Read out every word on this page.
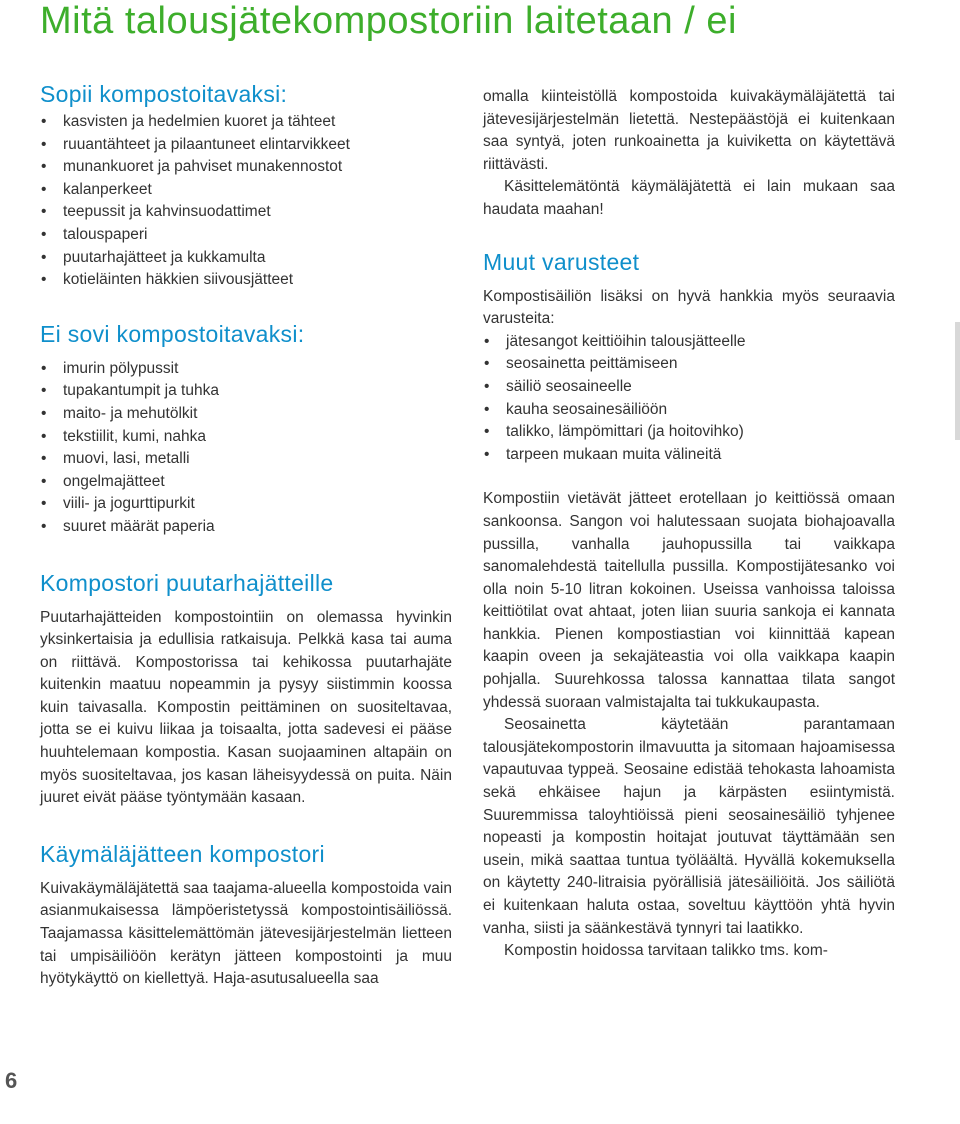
Mitä talousjätekompostoriin laitetaan / ei
Sopii kompostoitavaksi:
• kasvisten ja hedelmien kuoret ja tähteet
• ruuantähteet ja pilaantuneet elintarvikkeet
• munankuoret ja pahviset munakennostot
• kalanperkeet
• teepussit ja kahvinsuodattimet
• talouspaperi
• puutarhajätteet ja kukkamulta
• kotieläinten häkkien siivousjätteet
Ei sovi kompostoitavaksi:
• imurin pölypussit
• tupakantumpit ja tuhka
• maito- ja mehutölkit
• tekstiilit, kumi, nahka
• muovi, lasi, metalli
• ongelmajätteet
• viili- ja jogurttipurkit
• suuret määrät paperia
Kompostori puutarhajätteille

Puutarhajätteiden kompostointiin on olemassa hyvinkin yksinkertaisia ja edullisia ratkaisuja. Pelkkä kasa tai auma on riittävä. Kompostorissa tai kehikossa puutarhajäte kuitenkin maatuu nopeammin ja pysyy siistimmin koossa kuin taivasalla. Kompostin peittäminen on suositeltavaa, jotta se ei kuivu liikaa ja toisaalta, jotta sadevesi ei pääse huuhtelemaan kompostia. Kasan suojaaminen altapäin on myös suositeltavaa, jos kasan läheisyydessä on puita. Näin juuret eivät pääse työntymään kasaan.

Käymäläjätteen kompostori

Kuivakäymäläjätettä saa taajama-alueella kompostoida vain asianmukaisessa lämpöeristetyssä kompostointisäiliössä. Taajamassa käsittelemättömän jätevesijärjestelmän lietteen tai umpisäiliöön kerätyn jätteen kompostointi ja muu hyötykäyttö on kiellettyä. Haja-asutusalueella saa

omalla kiinteistöllä kompostoida kuivakäymäläjätettä tai jätevesijärjestelmän lietettä. Nestepäästöjä ei kuitenkaan saa syntyä, joten runkoainetta ja kuiviketta on käytettävä riittävästi.

Käsittelemätöntä käymäläjätettä ei lain mukaan saa haudata maahan!

Muut varusteet

Kompostisäiliön lisäksi on hyvä hankkia myös seuraavia varusteita:

• jätesangot keittiöihin talousjätteelle
• seosainetta peittämiseen
• säiliö seosaineelle
• kauha seosainesäiliöön
• talikko, lämpömittari (ja hoitovihko)
• tarpeen mukaan muita välineitä

Kompostiin vietävät jätteet erotellaan jo keittiössä omaan sankoonsa. Sangon voi halutessaan suojata biohajoavalla pussilla, vanhalla jauhopussilla tai vaikkapa sanomalehdestä taitellulla pussilla. Kompostijätesanko voi olla noin 5-10 litran kokoinen. Useissa vanhoissa taloissa keittiötilat ovat ahtaat, joten liian suuria sankoja ei kannata hankkia. Pienen kompostiastian voi kiinnittää kapean kaapin oveen ja sekajäteastia voi olla vaikkapa kaapin pohjalla. Suurehkossa talossa kannattaa tilata sangot yhdessä suoraan valmistajalta tai tukkukaupasta.

Seosainetta käytetään parantamaan talousjätekompostorin ilmavuutta ja sitomaan hajoamisessa vapautuvaa typpeä. Seosaine edistää tehokasta lahoamista sekä ehkäisee hajun ja kärpästen esiintymistä. Suuremmissa taloyhtiöissä pieni seosainesäiliö tyhjenee nopeasti ja kompostin hoitajat joutuvat täyttämään sen usein, mikä saattaa tuntua työläältä. Hyvällä kokemuksella on käytetty 240-litraisia pyörällisiä jätesäiliöitä. Jos säiliötä ei kuitenkaan haluta ostaa, soveltuu käyttöön yhtä hyvin vanha, siisti ja säänkestävä tynnyri tai laatikko.

Kompostin hoidossa tarvitaan talikko tms. kom-

6
